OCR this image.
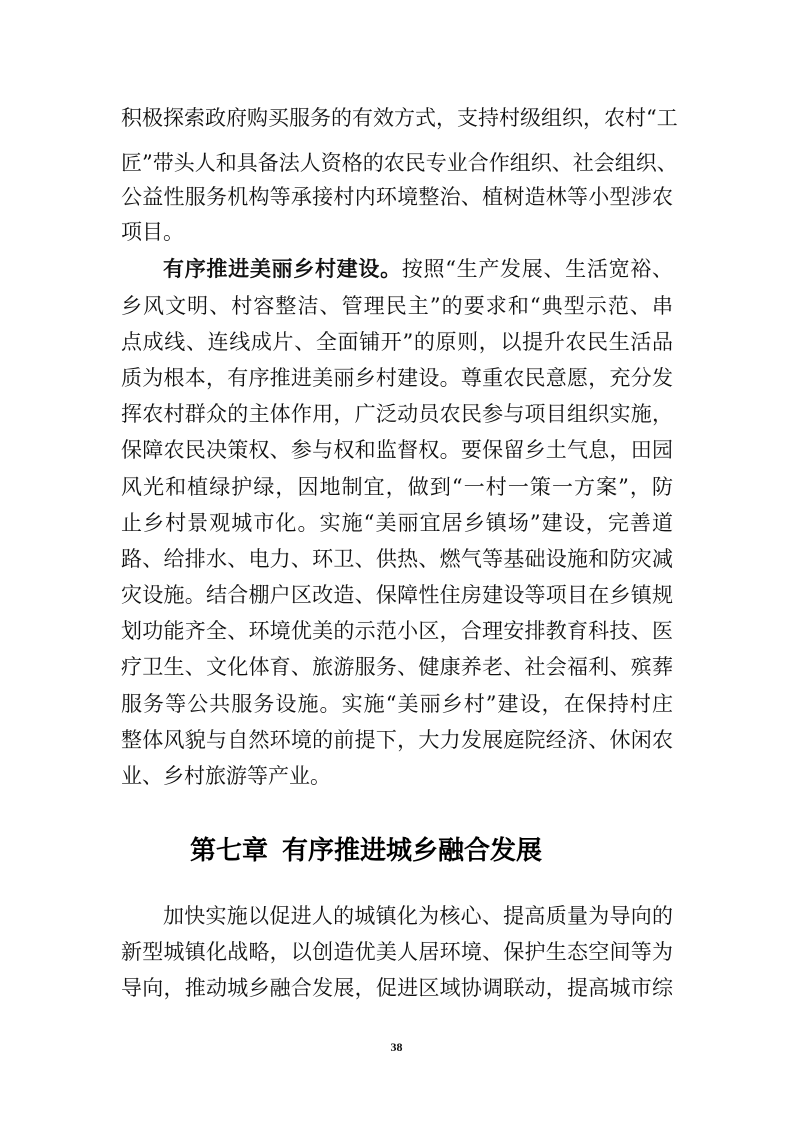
积极探索政府购买服务的有效方式，支持村级组织，农村“工
匠”带头人和具备法人资格的农民专业合作组织、社会组织、
公益性服务机构等承接村内环境整治、植树造林等小型涉农
项目。
有序推进美丽乡村建设。按照“生产发展、生活宽裕、
乡风文明、村容整洁、管理民主”的要求和“典型示范、串
点成线、连线成片、全面铺开”的原则，以提升农民生活品
质为根本，有序推进美丽乡村建设。尊重农民意愿，充分发
挥农村群众的主体作用，广泛动员农民参与项目组织实施，
保障农民决策权、参与权和监督权。要保留乡土气息，田园
风光和植绿护绿，因地制宜，做到“一村一策一方案”，防
止乡村景观城市化。实施“美丽宜居乡镇场”建设，完善道
路、给排水、电力、环卫、供热、燃气等基础设施和防灾减
灾设施。结合棚户区改造、保障性住房建设等项目在乡镇规
划功能齐全、环境优美的示范小区，合理安排教育科技、医
疗卫生、文化体育、旅游服务、健康养老、社会福利、殡葬
服务等公共服务设施。实施“美丽乡村”建设，在保持村庄
整体风貌与自然环境的前提下，大力发展庭院经济、休闲农
业、乡村旅游等产业。
第七章 有序推进城乡融合发展
加快实施以促进人的城镇化为核心、提高质量为导向的
新型城镇化战略，以创造优美人居环境、保护生态空间等为
导向，推动城乡融合发展，促进区域协调联动，提高城市综
38
